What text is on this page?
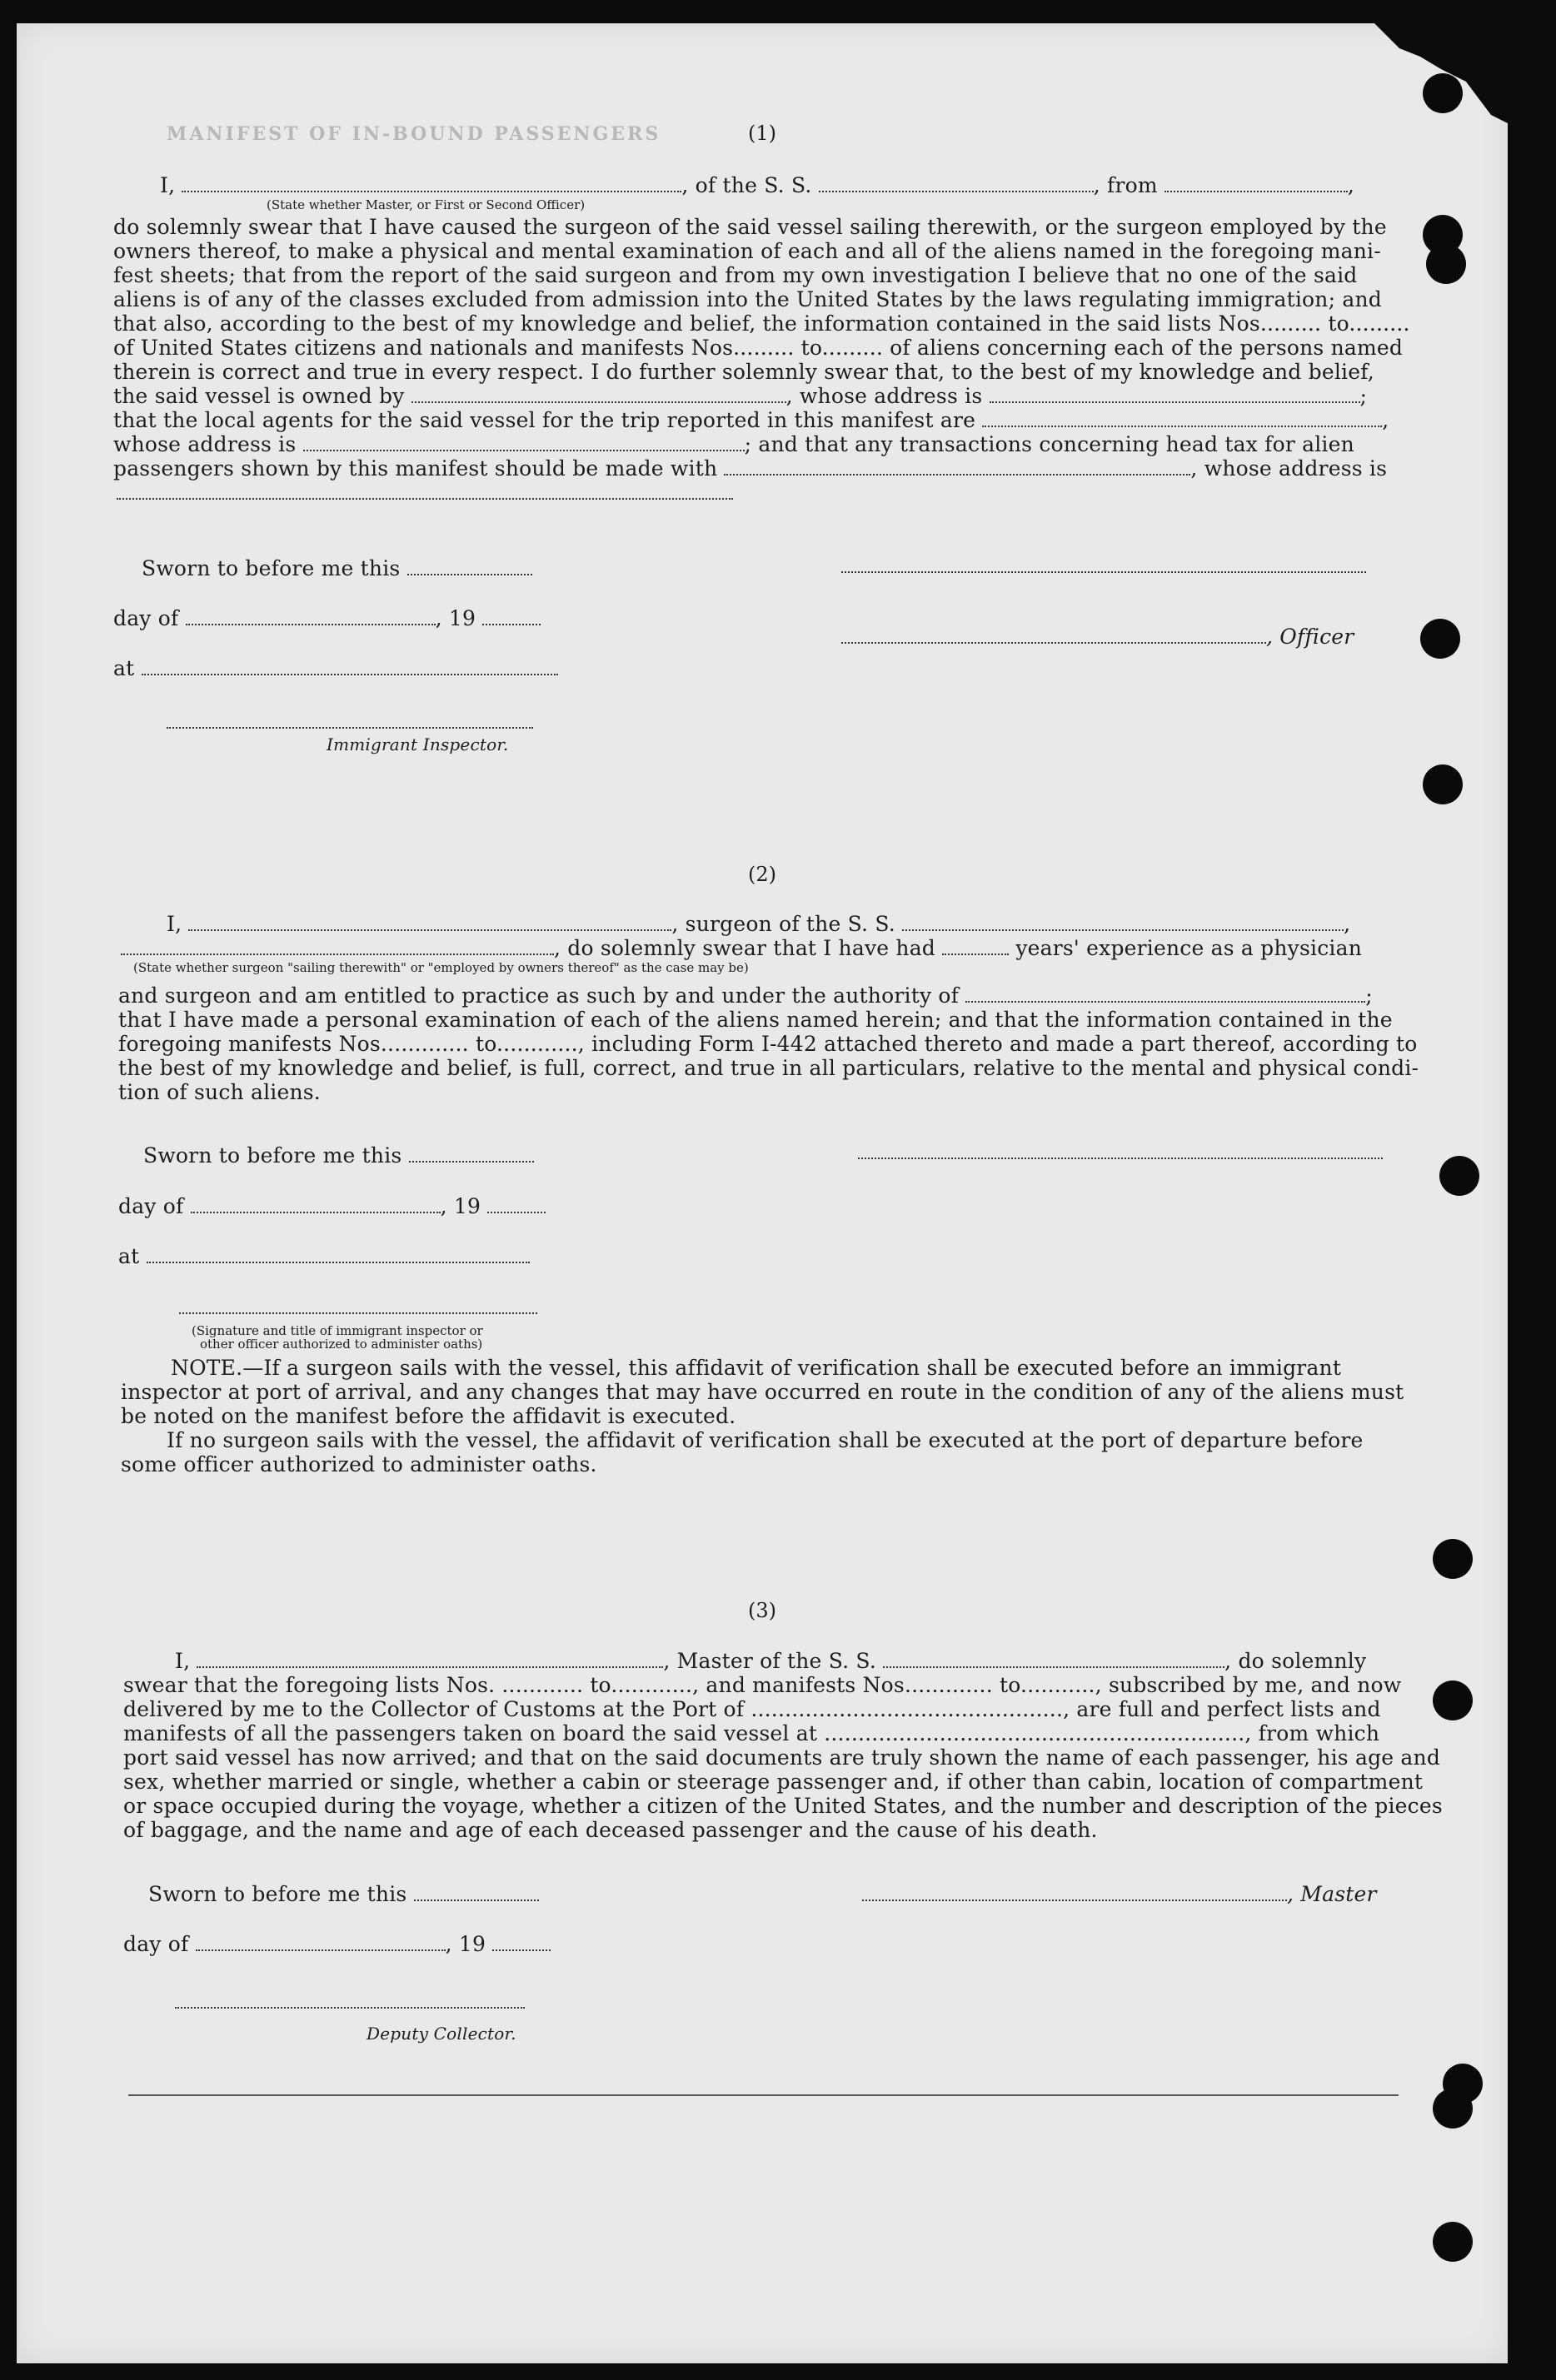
MANIFEST OF IN-BOUND PASSENGERS	(1)
I,	, of the S. S.	, from	,
(State whether Master, or First or Second Officer)
do solemnly swear that I have caused the surgeon of the said vessel sailing therewith, or the surgeon employed by the
owners thereof, to make a physical and mental examination of each and all of the aliens named in the foregoing mani-
fest sheets; that from the report of the said surgeon and from my own investigation I believe that no one of the said
aliens is of any of the classes excluded from admission into the United States by the laws regulating immigration; and
that also, according to the best of my knowledge and belief, the information contained in the said lists Nos......... to.........
of United States citizens and nationals and manifests Nos......... to......... of aliens concerning each of the persons named
therein is correct and true in every respect. I do further solemnly swear that, to the best of my knowledge and belief,
the said vessel is owned by	, whose address is	;
that the local agents for the said vessel for the trip reported in this manifest are	,
whose address is	; and that any transactions concerning head tax for alien
passengers shown by this manifest should be made with	, whose address is
Sworn to before me this
day of	, 19
, Officer
at
Immigrant Inspector.
(2)
I,	, surgeon of the S. S.	,
, do solemnly swear that I have had	years' experience as a physician
(State whether surgeon "sailing therewith" or "employed by owners thereof" as the case may be)
and surgeon and am entitled to practice as such by and under the authority of	;
that I have made a personal examination of each of the aliens named herein; and that the information contained in the
foregoing manifests Nos............. to............, including Form I-442 attached thereto and made a part thereof, according to
the best of my knowledge and belief, is full, correct, and true in all particulars, relative to the mental and physical condi-
tion of such aliens.
Sworn to before me this
day of	, 19
at
(Signature and title of immigrant inspector or
other officer authorized to administer oaths)
NOTE.—If a surgeon sails with the vessel, this affidavit of verification shall be executed before an immigrant
inspector at port of arrival, and any changes that may have occurred en route in the condition of any of the aliens must
be noted on the manifest before the affidavit is executed.
If no surgeon sails with the vessel, the affidavit of verification shall be executed at the port of departure before
some officer authorized to administer oaths.
(3)
I,	, Master of the S. S.	, do solemnly
swear that the foregoing lists Nos. ............ to............, and manifests Nos............. to..........., subscribed by me, and now
delivered by me to the Collector of Customs at the Port of .............................................., are full and perfect lists and
manifests of all the passengers taken on board the said vessel at .............................................................., from which
port said vessel has now arrived; and that on the said documents are truly shown the name of each passenger, his age and
sex, whether married or single, whether a cabin or steerage passenger and, if other than cabin, location of compartment
or space occupied during the voyage, whether a citizen of the United States, and the number and description of the pieces
of baggage, and the name and age of each deceased passenger and the cause of his death.
Sworn to before me this	, Master
day of	, 19
Deputy Collector.
